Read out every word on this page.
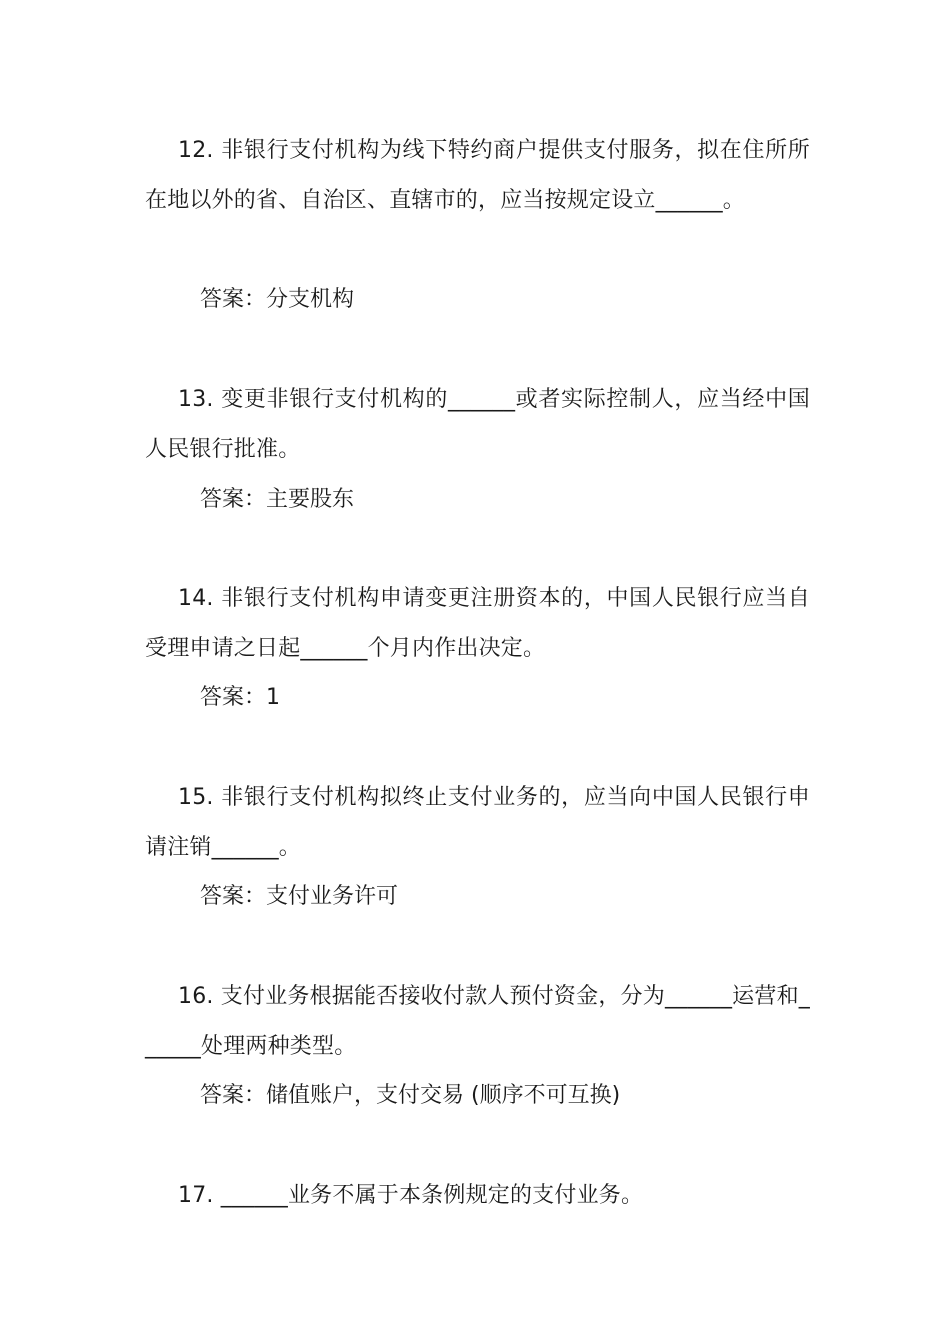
12. 非银行支付机构为线下特约商户提供支付服务，拟在住所所在地以外的省、自治区、直辖市的，应当按规定设立______。

答案：分支机构

13. 变更非银行支付机构的______或者实际控制人，应当经中国人民银行批准。

答案：主要股东

14. 非银行支付机构申请变更注册资本的，中国人民银行应当自受理申请之日起______个月内作出决定。

答案：1

15. 非银行支付机构拟终止支付业务的，应当向中国人民银行申请注销______。

答案：支付业务许可

16. 支付业务根据能否接收付款人预付资金，分为______运营和______处理两种类型。

答案：储值账户，支付交易 (顺序不可互换)

17. ______业务不属于本条例规定的支付业务。
